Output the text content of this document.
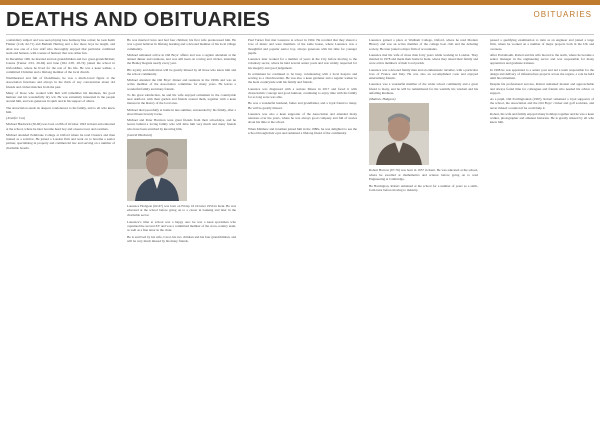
DEATHS AND OBITUARIES	OBITUARIES

a subsidiary subject and was seen playing bass harmony like a man; he took Keith Flemer (Coll, 62-71) and Barham Herring and a few more boys he taught, and Alan was one of a few staff who thoroughly enjoyed that particular combined team and harness, with a sense of humour that was rather fun.

In December 1961 he married and ten grandchildren and two great-grandchildren; Joanna (Turner 2:01, 26-94) and Jane (Wet 2:05, 28-74) joined the school in Oxfordshire, where he lived for the rest of his life. He was a keen walker, a committed Christian and a lifelong member of the local church.

Warmhearted and full of friendliness, he was a much-loved figure at the Association functions and always in the thick of any conversation about old friends and cricket matches from the past.

Many of those who worked with him will remember his kindness, his good humour and his wonderfully dry wit. He was extremely interested in the people around him, and was generous in spirit and in his support of others.

The Association sends its deepest condolences to his family, and to all who knew him.

(Jennifer Cox)

Michael Hardwick (36-60) was born on 8th of October 1943 in Kent and educated at the school, where he later became head boy and a keen rower and oarsman.

Michael attended Pembroke College at Oxford where he read Classics and then trained as a solicitor. He joined a London firm and went on to become a senior partner, specialising in property and commercial law and serving on a number of charitable boards.

He was married twice and had four children; his first wife predeceased him. He was a great believer in lifelong learning and a devoted member of his local village community.

Michael remained active in Old Boys’ affairs and was a regular attendant at the annual dinner and reunions, and was still keen on rowing and cricket, attending the Henley Regatta nearly every year.

His loyalty and dedication will be greatly missed by all those who knew him and the school community.

Michael attended the Old Boys’ dinner and reunions in the 1990s and was an active member of the Association committee for many years. He leaves a wonderful family and many friends.

To his great satisfaction, he and his wife enjoyed retirement in the countryside near Ashford, with their garden and friends around them, together with a keen interest in the history of the local area.

Michael died peacefully at home in late summer, surrounded by his family, after a short illness bravely borne.

Michael and Peter Harrison were great friends from their schooldays, and he leaves behind a loving family who will miss him very much and many friends who have been enriched by knowing him.

(Gareth Hardwick)

Laurence Hodgson (62-67) was born on Friday 16 October 1950 in Kent. He was educated at the school before going on to a career in banking and later in the charitable sector.

Laurence’s time at school was a happy one: he was a keen sportsman who captained the second XV and was a committed member of the cross-country team, as well as a fine tenor in the choir.

He is survived by his wife, Carol, his two children and his four grandchildren, and will be very much missed by his many friends.

Paul Turner first met Laurence at school in 1962. He recalled that they shared a love of music and were members of the same house, where Laurence was a thoughtful and popular senior boy, always generous with his time for younger pupils.

Laurence later worked for a number of years in the City before moving to the voluntary sector, where he held several senior posts and was widely respected for his integrity and good judgement.

In retirement he continued to be busy, volunteering with a local hospice and serving as a churchwarden. He was also a keen gardener and a regular walker in the Kent countryside with his family and friends.

Laurence was diagnosed with a serious illness in 2017 and faced it with characteristic courage and good humour, continuing to enjoy time with his family for as long as he was able.

He was a wonderful husband, father and grandfather, and a loyal friend to many. He will be greatly missed.

Laurence was also a keen supporter of the Association and attended many reunions over the years, where he was always good company and full of stories about his time at the school.

When Matthew and Jonathan joined him in the 1980s, he was delighted to see the school through their eyes and remained a lifelong friend of the community.

Laurence gained a place at Wadham College, Oxford, where he read Modern History and was an active member of the college boat club and the debating society. He later joined a major firm of accountants.

Laurence met his wife of more than forty years while working in London. They married in 1978 and made their home in Kent, where they raised their family and were active members of their local parish.

Laurence was a devoted family man and an enthusiastic traveller, with a particular love of France and Italy. He was also an accomplished cook and enjoyed entertaining friends.

Laurence was a wonderful member of the wider school community and a great friend to many, and he will be remembered for his warmth, his wisdom and his unfailing kindness.

(Matthew Hodgson)

Robert Harrow (67-76) was born in 1957 in Kent. He was educated at the school, where he excelled at mathematics and science before going on to read Engineering at Cambridge.

He Harrington, Robert remained at the school for a number of years as a sixth-form tutor before moving to industry.

passed a qualifying examination to train as an engineer and joined a large firm, where he worked on a number of major projects both in the UK and overseas.

After Portsmouth, Robert and his wife moved to the north, where he became a senior manager in the engineering sector and was responsible for many apprentices and graduate trainees.

In 1998 he was appointed to a senior post and led a team responsible for the design and delivery of infrastructure projects across the region, a role he held until his retirement.

Despite his professional success, Robert remained modest and approachable and always found time for colleagues and friends who needed his advice or support.

As a pupil, Old Portlingtonian (1967), Robert remained a loyal supporter of the school, the Association and the Old Boys’ cricket and golf societies, and never missed a reunion if he could help it.

Robert, his wife and family enjoyed many holidays together and he was a keen walker, photographer and amateur historian. He is greatly missed by all who knew him.
